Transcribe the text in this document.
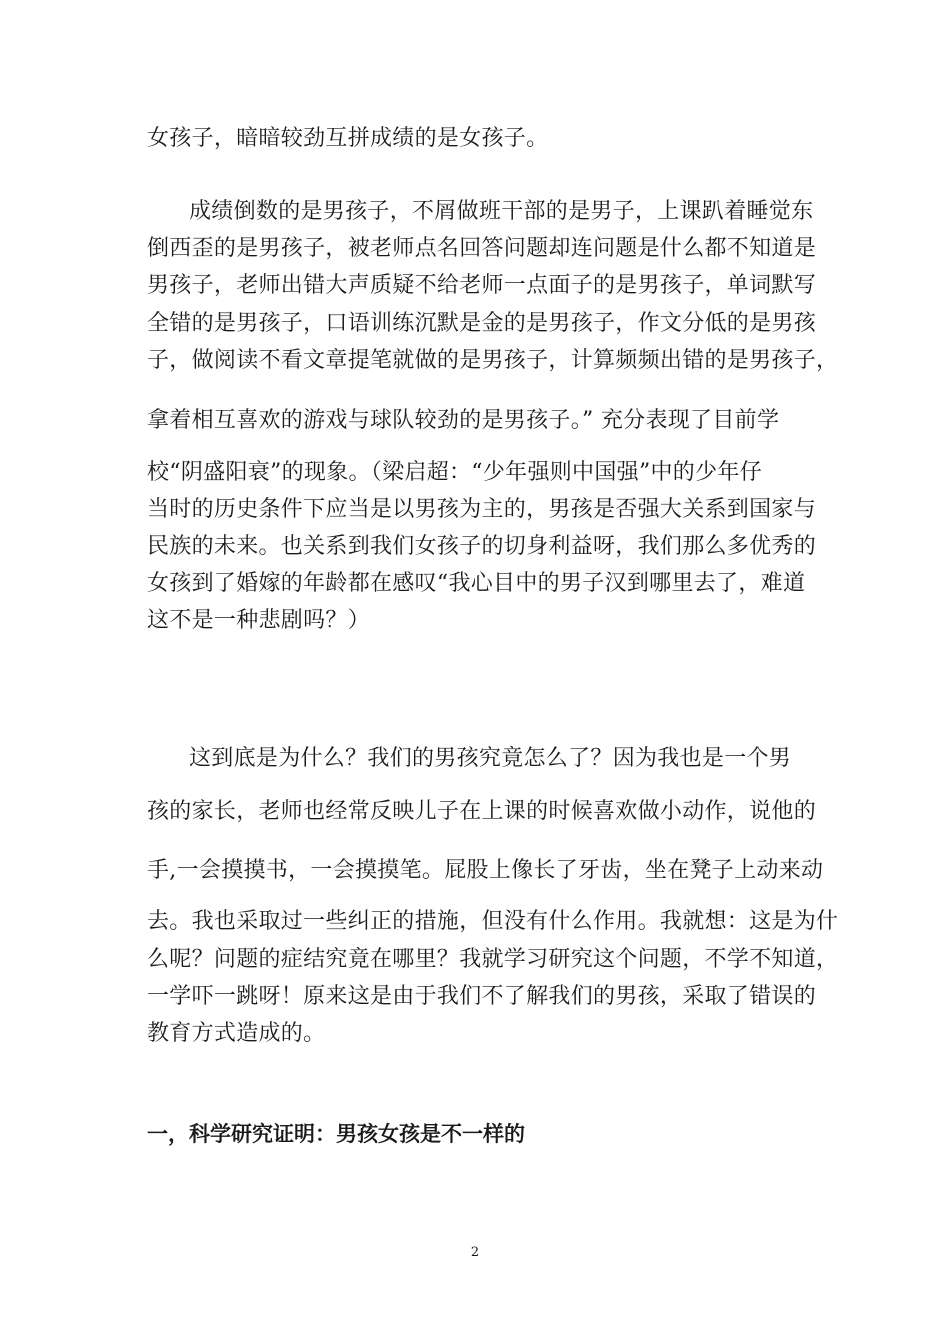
女孩子，暗暗较劲互拼成绩的是女孩子。
成绩倒数的是男孩子，不屑做班干部的是男子，上课趴着睡觉东
倒西歪的是男孩子，被老师点名回答问题却连问题是什么都不知道是
男孩子，老师出错大声质疑不给老师一点面子的是男孩子，单词默写
全错的是男孩子，口语训练沉默是金的是男孩子，作文分低的是男孩
子，做阅读不看文章提笔就做的是男孩子，计算频频出错的是男孩子，
拿着相互喜欢的游戏与球队较劲的是男孩子。” 充分表现了目前学
校“阴盛阳衰”的现象。（梁启超：“少年强则中国强”中的少年仔
当时的历史条件下应当是以男孩为主的，男孩是否强大关系到国家与
民族的未来。也关系到我们女孩子的切身利益呀，我们那么多优秀的
女孩到了婚嫁的年龄都在感叹“我心目中的男子汉到哪里去了，难道
这不是一种悲剧吗？）
这到底是为什么？我们的男孩究竟怎么了？因为我也是一个男
孩的家长，老师也经常反映儿子在上课的时候喜欢做小动作，说他的
手,一会摸摸书，一会摸摸笔。屁股上像长了牙齿，坐在凳子上动来动
去。我也采取过一些纠正的措施，但没有什么作用。我就想：这是为什
么呢？问题的症结究竟在哪里？我就学习研究这个问题，不学不知道，
一学吓一跳呀！原来这是由于我们不了解我们的男孩，采取了错误的
教育方式造成的。
一，科学研究证明：男孩女孩是不一样的
2
